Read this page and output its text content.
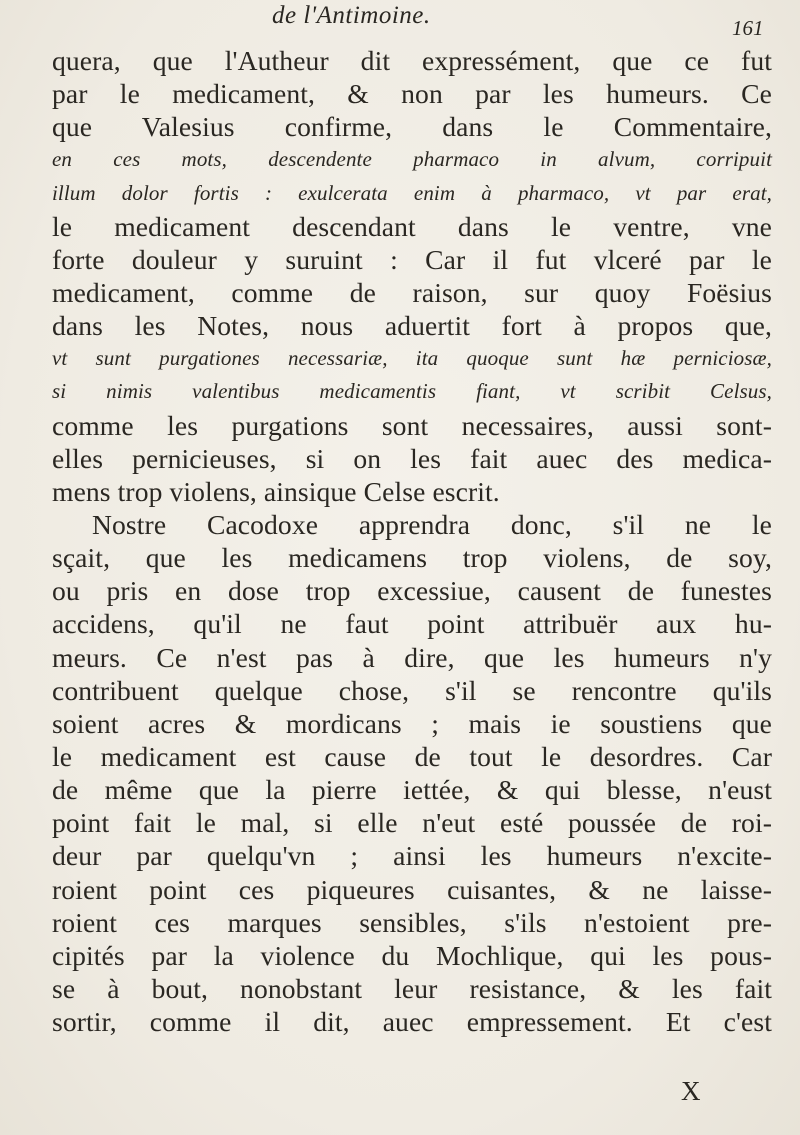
de l'Antimoine.	161
quera, que l'Autheur dit expressément, que ce fut
par le medicament, & non par les humeurs. Ce
que Valesius confirme, dans le Commentaire,
en ces mots, descendente pharmaco in alvum, corripuit
illum dolor fortis : exulcerata enim à pharmaco, vt par erat,
le medicament descendant dans le ventre, vne
forte douleur y suruint : Car il fut vlceré par le
medicament, comme de raison, sur quoy Foësius
dans les Notes, nous aduertit fort à propos que,
vt sunt purgationes necessariæ, ita quoque sunt hæ perniciosæ,
si nimis valentibus medicamentis fiant, vt scribit Celsus,
comme les purgations sont necessaires, aussi sont-
elles pernicieuses, si on les fait auec des medica-
mens trop violens, ainsique Celse escrit.
Nostre Cacodoxe apprendra donc, s'il ne le
sçait, que les medicamens trop violens, de soy,
ou pris en dose trop excessiue, causent de funestes
accidens, qu'il ne faut point attribuër aux hu-
meurs. Ce n'est pas à dire, que les humeurs n'y
contribuent quelque chose, s'il se rencontre qu'ils
soient acres & mordicans ; mais ie soustiens que
le medicament est cause de tout le desordres. Car
de même que la pierre iettée, & qui blesse, n'eust
point fait le mal, si elle n'eut esté poussée de roi-
deur par quelqu'vn ; ainsi les humeurs n'excite-
roient point ces piqueures cuisantes, & ne laisse-
roient ces marques sensibles, s'ils n'estoient pre-
cipités par la violence du Mochlique, qui les pous-
se à bout, nonobstant leur resistance, & les fait
sortir, comme il dit, auec empressement. Et c'est
X
